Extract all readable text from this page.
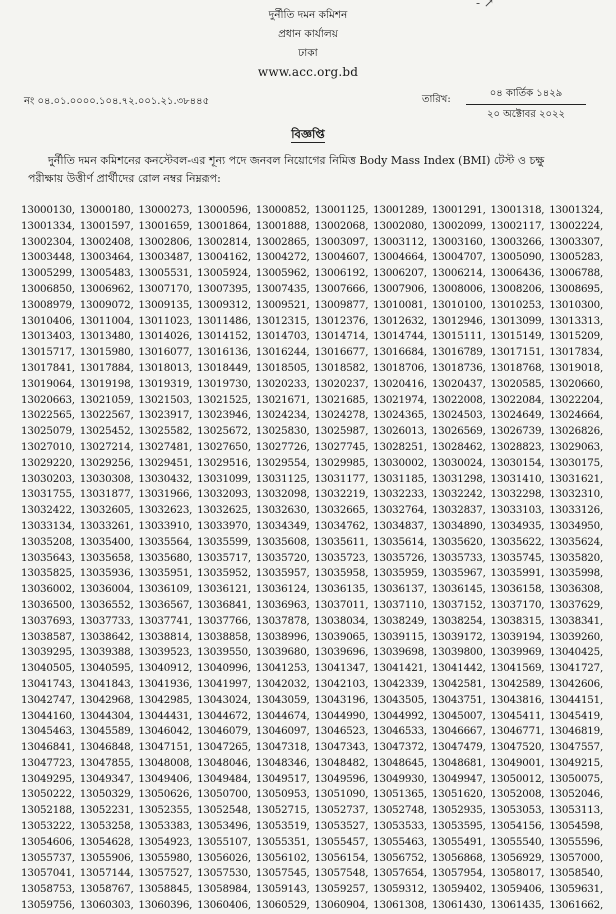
- ↗
দুর্নীতি দমন কমিশন
প্রধান কার্যালয়
ঢাকা
www.acc.org.bd
নং ০৪.০১.০০০০.১০৪.৭২.০০১.২১.৩৮৪৪৫	তারিখ:
০৪ কার্তিক ১৪২৯
২০ অক্টোবর ২০২২
বিজ্ঞপ্তি
দুর্নীতি দমন কমিশনের কনস্টেবল-এর শূন্য পদে জনবল নিয়োগের নিমিত্ত Body Mass Index (BMI) টেস্ট ও চক্ষু
পরীক্ষায় উত্তীর্ণ প্রার্থীদের রোল নম্বর নিম্নরূপ:
13000130, 13000180, 13000273, 13000596, 13000852, 13001125, 13001289, 13001291, 13001318, 13001324,
13001334, 13001597, 13001659, 13001864, 13001888, 13002068, 13002080, 13002099, 13002117, 13002224,
13002304, 13002408, 13002806, 13002814, 13002865, 13003097, 13003112, 13003160, 13003266, 13003307,
13003448, 13003464, 13003487, 13004162, 13004272, 13004607, 13004664, 13004707, 13005090, 13005283,
13005299, 13005483, 13005531, 13005924, 13005962, 13006192, 13006207, 13006214, 13006436, 13006788,
13006850, 13006962, 13007170, 13007395, 13007435, 13007666, 13007906, 13008006, 13008206, 13008695,
13008979, 13009072, 13009135, 13009312, 13009521, 13009877, 13010081, 13010100, 13010253, 13010300,
13010406, 13011004, 13011023, 13011486, 13012315, 13012376, 13012632, 13012946, 13013099, 13013313,
13013403, 13013480, 13014026, 13014152, 13014703, 13014714, 13014744, 13015111, 13015149, 13015209,
13015717, 13015980, 13016077, 13016136, 13016244, 13016677, 13016684, 13016789, 13017151, 13017834,
13017841, 13017884, 13018013, 13018449, 13018505, 13018582, 13018706, 13018736, 13018768, 13019018,
13019064, 13019198, 13019319, 13019730, 13020233, 13020237, 13020416, 13020437, 13020585, 13020660,
13020663, 13021059, 13021503, 13021525, 13021671, 13021685, 13021974, 13022008, 13022084, 13022204,
13022565, 13022567, 13023917, 13023946, 13024234, 13024278, 13024365, 13024503, 13024649, 13024664,
13025079, 13025452, 13025582, 13025672, 13025830, 13025987, 13026013, 13026569, 13026739, 13026826,
13027010, 13027214, 13027481, 13027650, 13027726, 13027745, 13028251, 13028462, 13028823, 13029063,
13029220, 13029256, 13029451, 13029516, 13029554, 13029985, 13030002, 13030024, 13030154, 13030175,
13030203, 13030308, 13030432, 13031099, 13031125, 13031177, 13031185, 13031298, 13031410, 13031621,
13031755, 13031877, 13031966, 13032093, 13032098, 13032219, 13032233, 13032242, 13032298, 13032310,
13032422, 13032605, 13032623, 13032625, 13032630, 13032665, 13032764, 13032837, 13033103, 13033126,
13033134, 13033261, 13033910, 13033970, 13034349, 13034762, 13034837, 13034890, 13034935, 13034950,
13035208, 13035400, 13035564, 13035599, 13035608, 13035611, 13035614, 13035620, 13035622, 13035624,
13035643, 13035658, 13035680, 13035717, 13035720, 13035723, 13035726, 13035733, 13035745, 13035820,
13035825, 13035936, 13035951, 13035952, 13035957, 13035958, 13035959, 13035967, 13035991, 13035998,
13036002, 13036004, 13036109, 13036121, 13036124, 13036135, 13036137, 13036145, 13036158, 13036308,
13036500, 13036552, 13036567, 13036841, 13036963, 13037011, 13037110, 13037152, 13037170, 13037629,
13037693, 13037733, 13037741, 13037766, 13037878, 13038034, 13038249, 13038254, 13038315, 13038341,
13038587, 13038642, 13038814, 13038858, 13038996, 13039065, 13039115, 13039172, 13039194, 13039260,
13039295, 13039388, 13039523, 13039550, 13039680, 13039696, 13039698, 13039800, 13039969, 13040425,
13040505, 13040595, 13040912, 13040996, 13041253, 13041347, 13041421, 13041442, 13041569, 13041727,
13041743, 13041843, 13041936, 13041997, 13042032, 13042103, 13042339, 13042581, 13042589, 13042606,
13042747, 13042968, 13042985, 13043024, 13043059, 13043196, 13043505, 13043751, 13043816, 13044151,
13044160, 13044304, 13044431, 13044672, 13044674, 13044990, 13044992, 13045007, 13045411, 13045419,
13045463, 13045589, 13046042, 13046079, 13046097, 13046523, 13046533, 13046667, 13046771, 13046819,
13046841, 13046848, 13047151, 13047265, 13047318, 13047343, 13047372, 13047479, 13047520, 13047557,
13047723, 13047855, 13048008, 13048046, 13048346, 13048482, 13048645, 13048681, 13049001, 13049215,
13049295, 13049347, 13049406, 13049484, 13049517, 13049596, 13049930, 13049947, 13050012, 13050075,
13050222, 13050329, 13050626, 13050700, 13050953, 13051090, 13051365, 13051620, 13052008, 13052046,
13052188, 13052231, 13052355, 13052548, 13052715, 13052737, 13052748, 13052935, 13053053, 13053113,
13053222, 13053258, 13053383, 13053496, 13053519, 13053527, 13053533, 13053595, 13054156, 13054598,
13054606, 13054628, 13054923, 13055107, 13055351, 13055457, 13055463, 13055491, 13055540, 13055596,
13055737, 13055906, 13055980, 13056026, 13056102, 13056154, 13056752, 13056868, 13056929, 13057000,
13057041, 13057144, 13057527, 13057530, 13057545, 13057548, 13057654, 13057954, 13058017, 13058540,
13058753, 13058767, 13058845, 13058984, 13059143, 13059257, 13059312, 13059402, 13059406, 13059631,
13059756, 13060303, 13060396, 13060406, 13060529, 13060904, 13061308, 13061430, 13061435, 13061662,
